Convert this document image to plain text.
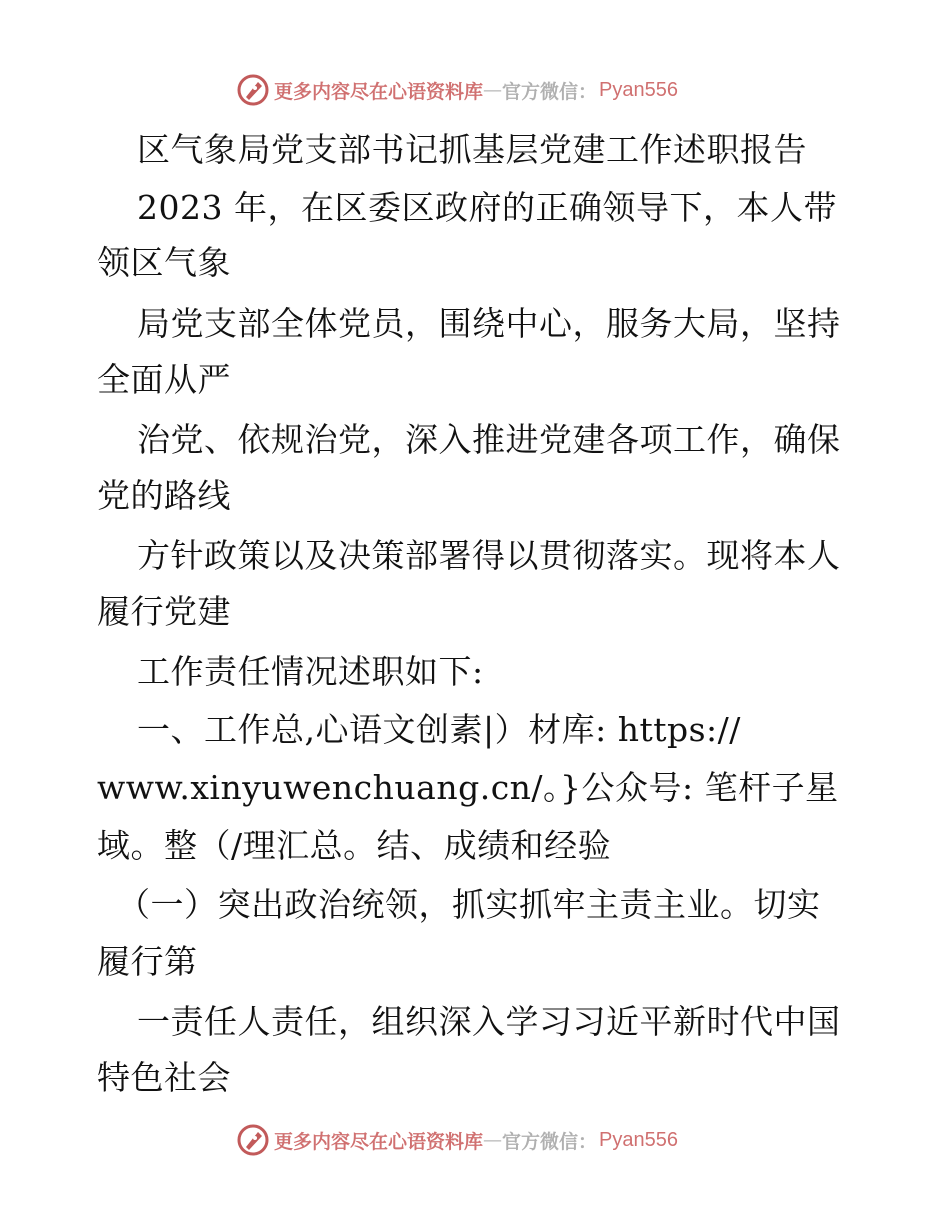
更多内容尽在心语资料库 — 官方微信： Pyan556
区气象局党支部书记抓基层党建工作述职报告
2023 年，在区委区政府的正确领导下，本人带
领区气象
局党支部全体党员，围绕中心，服务大局，坚持
全面从严
治党、依规治党，深入推进党建各项工作，确保
党的路线
方针政策以及决策部署得以贯彻落实。现将本人
履行党建
工作责任情况述职如下:
一、工作总,心语文创素|）材库: https://
www.xinyuwenchuang.cn/。}公众号: 笔杆子星
域。整（/理汇总。结、成绩和经验
（一）突出政治统领，抓实抓牢主责主业。切实
履行第
一责任人责任，组织深入学习习近平新时代中国
特色社会
更多内容尽在心语资料库 — 官方微信： Pyan556
